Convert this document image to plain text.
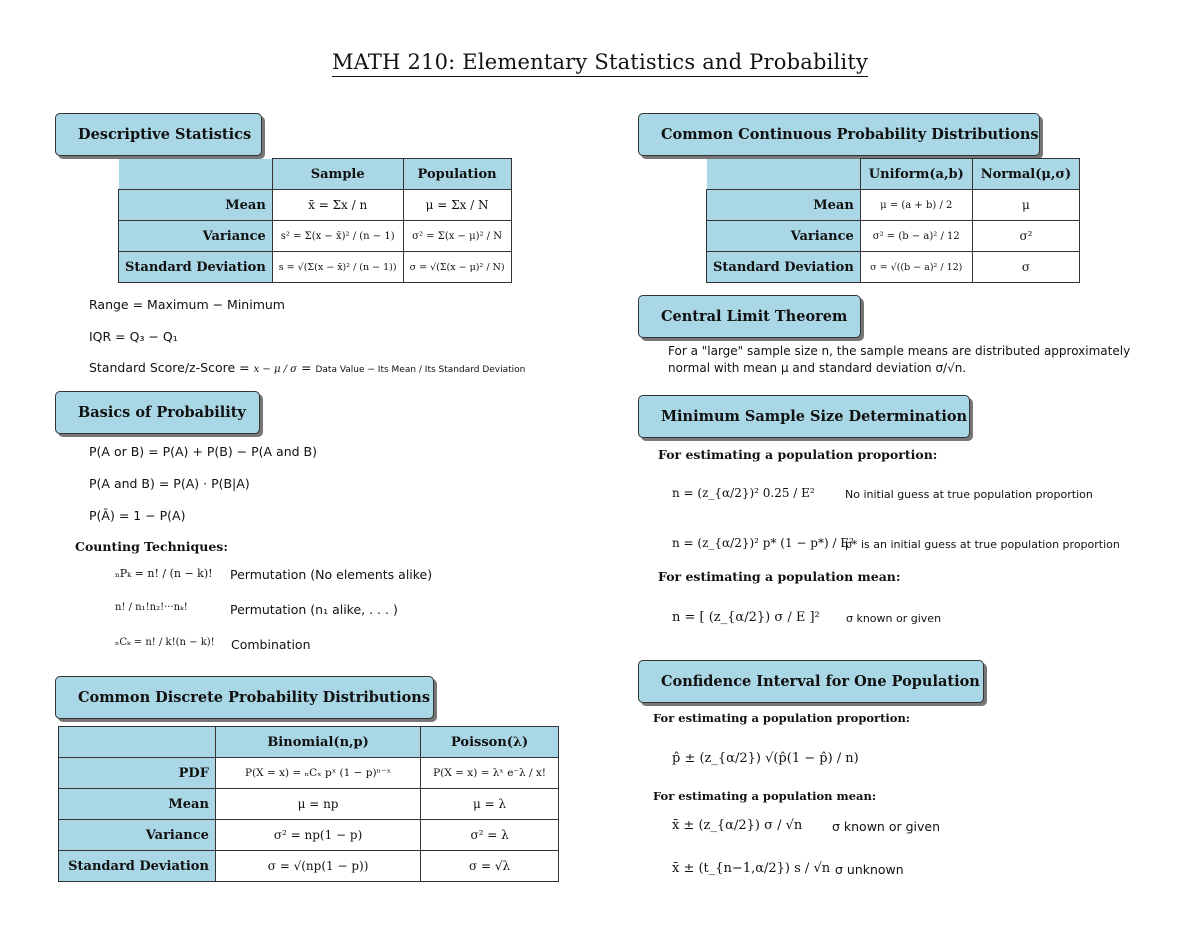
MATH 210: Elementary Statistics and Probability
Descriptive Statistics
	Sample	Population
Mean	x̄ = Σx / n	μ = Σx / N
Variance	s² = Σ(x − x̄)² / (n − 1)	σ² = Σ(x − μ)² / N
Standard Deviation	s = √(Σ(x − x̄)² / (n − 1))	σ = √(Σ(x − μ)² / N)
Range = Maximum − Minimum
IQR = Q₃ − Q₁
Standard Score/z-Score = x − μ / σ = Data Value − Its Mean / Its Standard Deviation
Basics of Probability
P(A or B) = P(A) + P(B) − P(A and B)
P(A and B) = P(A) · P(B|A)
P(Ā) = 1 − P(A)
Counting Techniques:
ₙPₖ = n! / (n − k)! Permutation (No elements alike)
n! / n₁!n₂!···nₖ!	Permutation (n₁ alike, . . . )
ₙCₖ = n! / k!(n − k)! Combination
Common Discrete Probability Distributions
	Binomial(n,p)	Poisson(λ)
PDF	P(X = x) = ₙCₓ pˣ (1 − p)ⁿ⁻ˣ	P(X = x) = λˣ e⁻λ / x!
Mean	μ = np	μ = λ
Variance	σ² = np(1 − p)	σ² = λ
Standard Deviation	σ = √(np(1 − p))	σ = √λ
Common Continuous Probability Distributions
	Uniform(a,b)	Normal(μ,σ)
Mean	μ = (a + b) / 2	μ
Variance	σ² = (b − a)² / 12	σ²
Standard Deviation	σ = √((b − a)² / 12)	σ
Central Limit Theorem
For a "large" sample size n, the sample means are distributed approximately
normal with mean μ and standard deviation σ/√n.
Minimum Sample Size Determination
For estimating a population proportion:
n = (z_{α/2})² 0.25 / E²	No initial guess at true population proportion
n = (z_{α/2})² p* (1 − p*) / E²
p* is an initial guess at true population proportion
For estimating a population mean:
n = [ (z_{α/2}) σ / E ]² σ known or given
Confidence Interval for One Population
For estimating a population proportion:
p̂ ± (z_{α/2}) √(p̂(1 − p̂) / n)
For estimating a population mean:
x̄ ± (z_{α/2}) σ / √n σ known or given
x̄ ± (t_{n−1,α/2}) s / √n σ unknown
